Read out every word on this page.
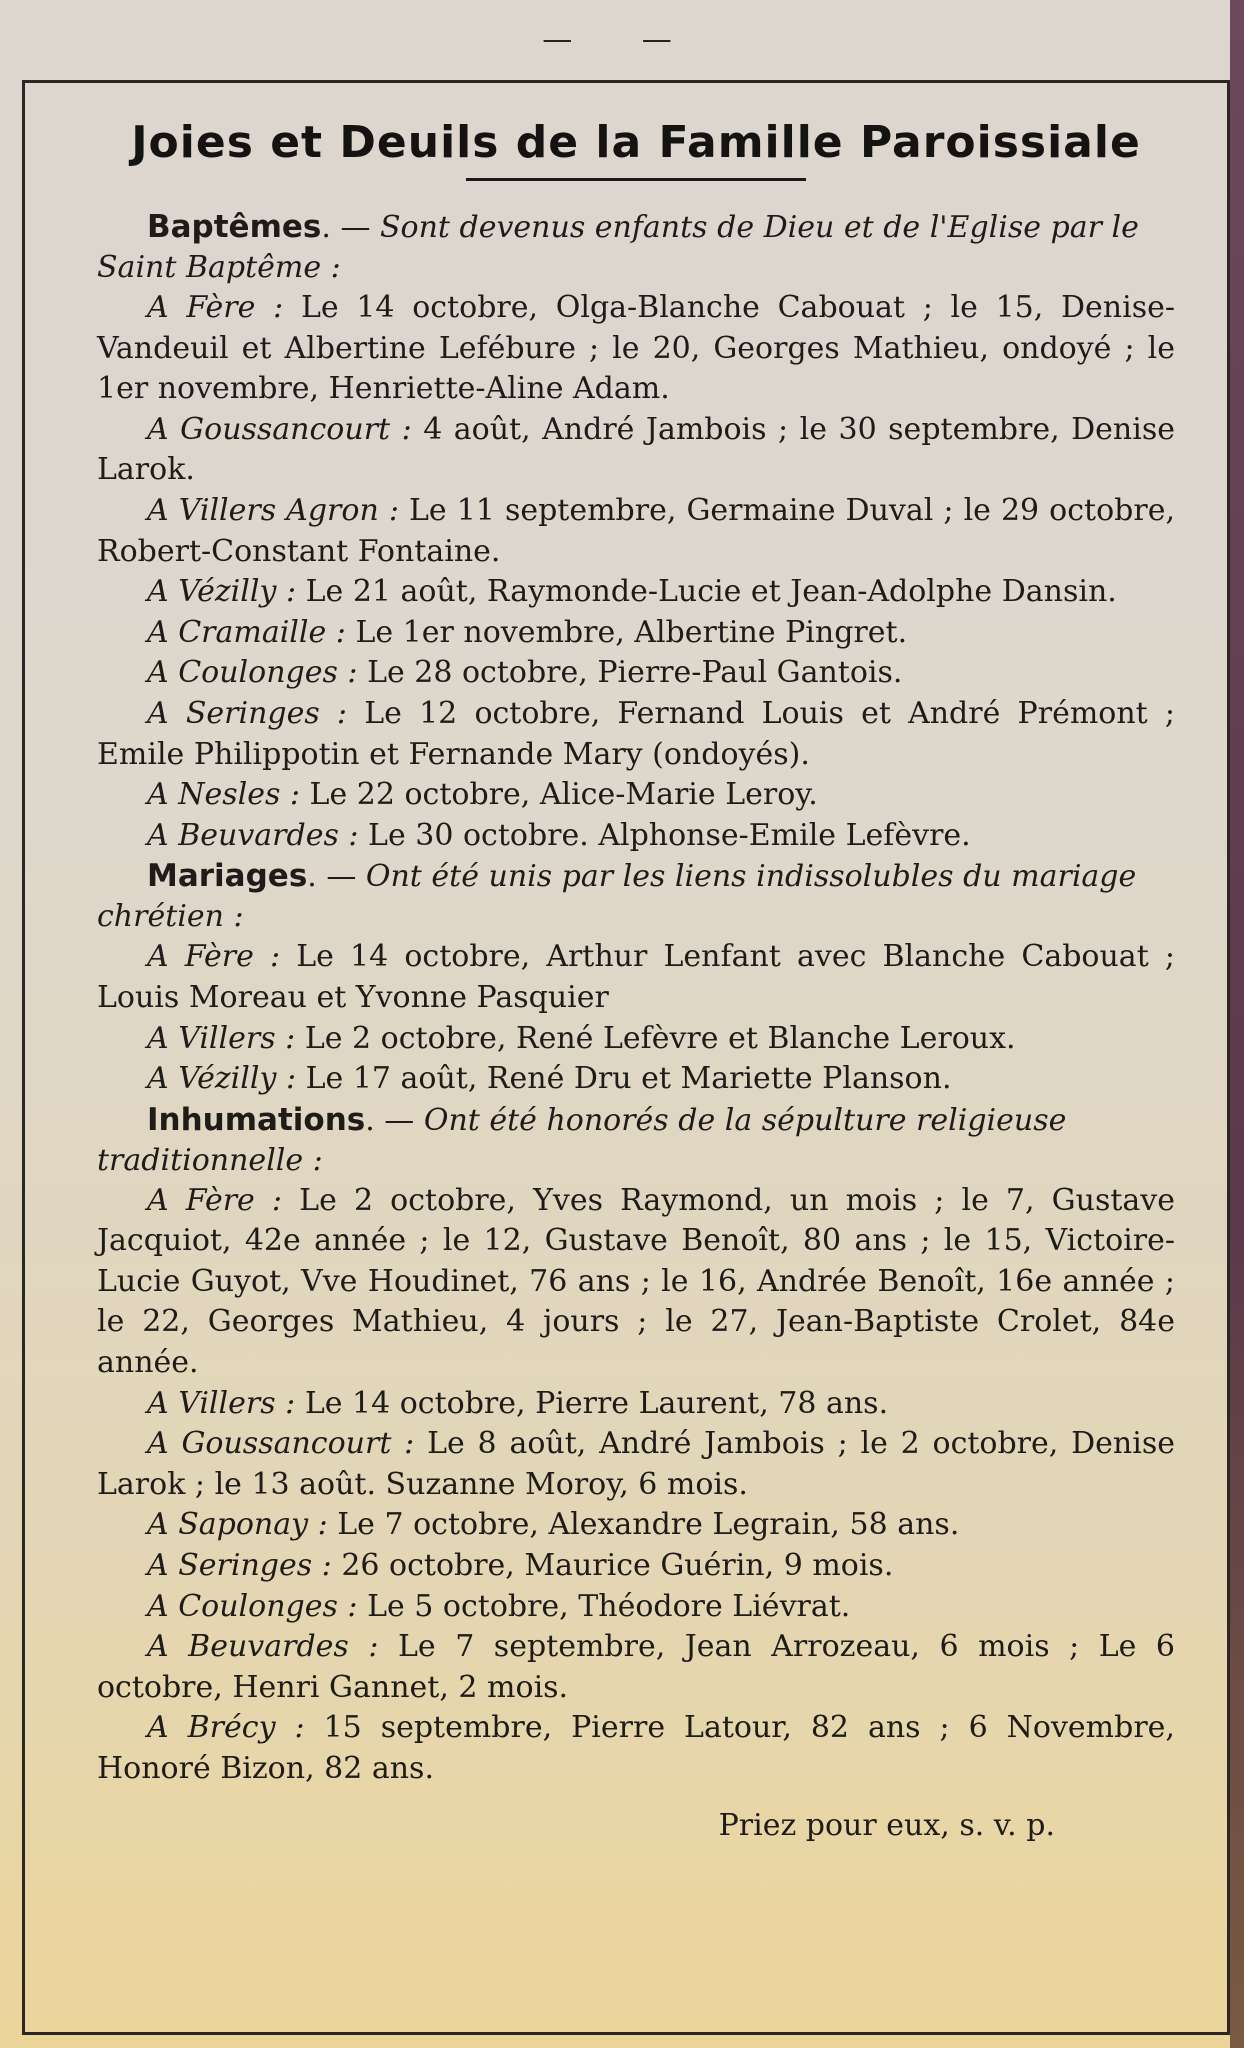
— —
Joies et Deuils de la Famille Paroissiale

Baptêmes. — Sont devenus enfants de Dieu et de l'Eglise par le Saint Baptême :

A Fère : Le 14 octobre, Olga-Blanche Cabouat ; le 15, Denise-Vandeuil et Albertine Lefébure ; le 20, Georges Mathieu, ondoyé ; le 1er novembre, Henriette-Aline Adam.

A Goussancourt : 4 août, André Jambois ; le 30 septembre, Denise Larok.

A Villers Agron : Le 11 septembre, Germaine Duval ; le 29 octobre, Robert-Constant Fontaine.

A Vézilly : Le 21 août, Raymonde-Lucie et Jean-Adolphe Dansin.

A Cramaille : Le 1er novembre, Albertine Pingret.

A Coulonges : Le 28 octobre, Pierre-Paul Gantois.

A Seringes : Le 12 octobre, Fernand Louis et André Prémont ; Emile Philippotin et Fernande Mary (ondoyés).

A Nesles : Le 22 octobre, Alice-Marie Leroy.

A Beuvardes : Le 30 octobre. Alphonse-Emile Lefèvre.

Mariages. — Ont été unis par les liens indissolubles du mariage chrétien :

A Fère : Le 14 octobre, Arthur Lenfant avec Blanche Cabouat ; Louis Moreau et Yvonne Pasquier

A Villers : Le 2 octobre, René Lefèvre et Blanche Leroux.

A Vézilly : Le 17 août, René Dru et Mariette Planson.

Inhumations. — Ont été honorés de la sépulture religieuse traditionnelle :

A Fère : Le 2 octobre, Yves Raymond, un mois ; le 7, Gustave Jacquiot, 42e année ; le 12, Gustave Benoît, 80 ans ; le 15, Victoire-Lucie Guyot, Vve Houdinet, 76 ans ; le 16, Andrée Benoît, 16e année ; le 22, Georges Mathieu, 4 jours ; le 27, Jean-Baptiste Crolet, 84e année.

A Villers : Le 14 octobre, Pierre Laurent, 78 ans.

A Goussancourt : Le 8 août, André Jambois ; le 2 octobre, Denise Larok ; le 13 août. Suzanne Moroy, 6 mois.

A Saponay : Le 7 octobre, Alexandre Legrain, 58 ans.

A Seringes : 26 octobre, Maurice Guérin, 9 mois.

A Coulonges : Le 5 octobre, Théodore Liévrat.

A Beuvardes : Le 7 septembre, Jean Arrozeau, 6 mois ; Le 6 octobre, Henri Gannet, 2 mois.

A Brécy : 15 septembre, Pierre Latour, 82 ans ; 6 Novembre, Honoré Bizon, 82 ans.

Priez pour eux, s. v. p.
